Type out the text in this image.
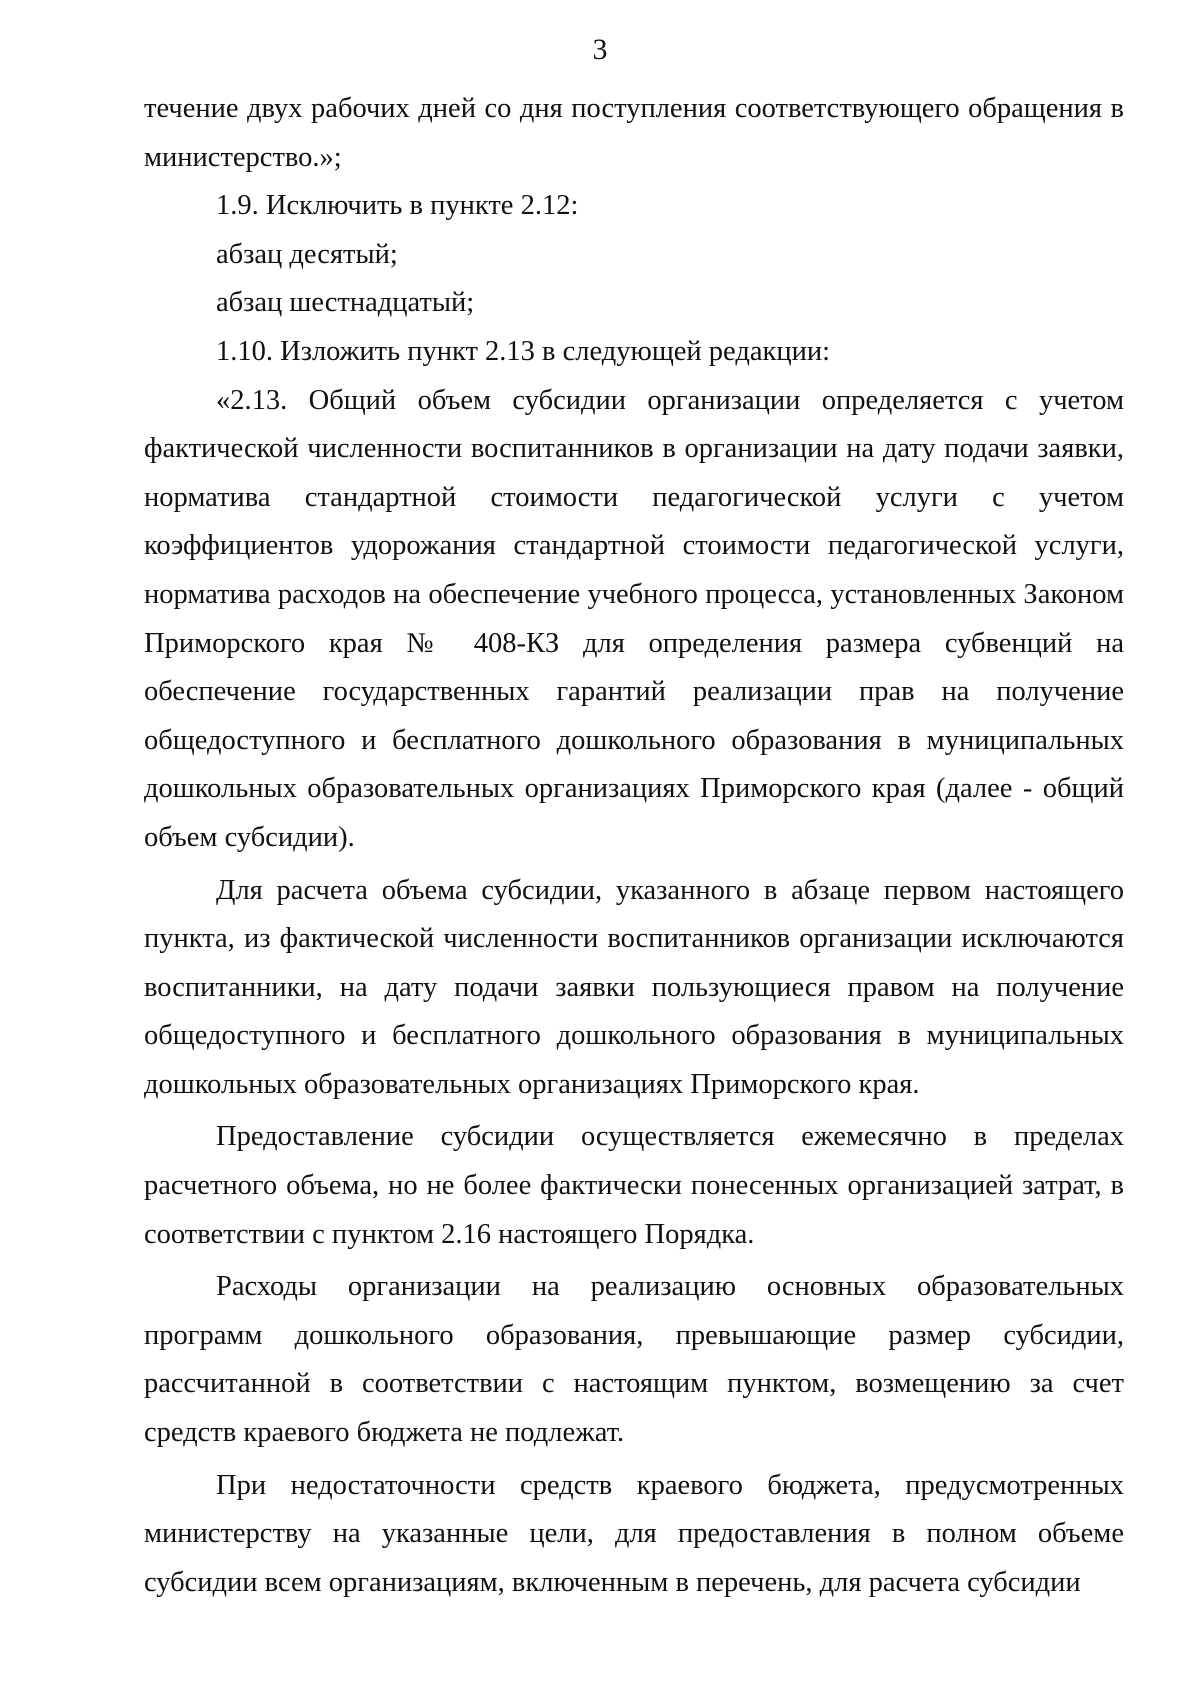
3

течение двух рабочих дней со дня поступления соответствующего обращения в министерство.»;

1.9. Исключить в пункте 2.12:

абзац десятый;

абзац шестнадцатый;

1.10. Изложить пункт 2.13 в следующей редакции:

«2.13. Общий объем субсидии организации определяется с учетом фактической численности воспитанников в организации на дату подачи заявки, норматива стандартной стоимости педагогической услуги с учетом коэффициентов удорожания стандартной стоимости педагогической услуги, норматива расходов на обеспечение учебного процесса, установленных Законом Приморского края № 408-КЗ для определения размера субвенций на обеспечение государственных гарантий реализации прав на получение общедоступного и бесплатного дошкольного образования в муниципальных дошкольных образовательных организациях Приморского края (далее - общий объем субсидии).

Для расчета объема субсидии, указанного в абзаце первом настоящего пункта, из фактической численности воспитанников организации исключаются воспитанники, на дату подачи заявки пользующиеся правом на получение общедоступного и бесплатного дошкольного образования в муниципальных дошкольных образовательных организациях Приморского края.

Предоставление субсидии осуществляется ежемесячно в пределах расчетного объема, но не более фактически понесенных организацией затрат, в соответствии с пунктом 2.16 настоящего Порядка.

Расходы организации на реализацию основных образовательных программ дошкольного образования, превышающие размер субсидии, рассчитанной в соответствии с настоящим пунктом, возмещению за счет средств краевого бюджета не подлежат.

При недостаточности средств краевого бюджета, предусмотренных министерству на указанные цели, для предоставления в полном объеме субсидии всем организациям, включенным в перечень, для расчета субсидии
